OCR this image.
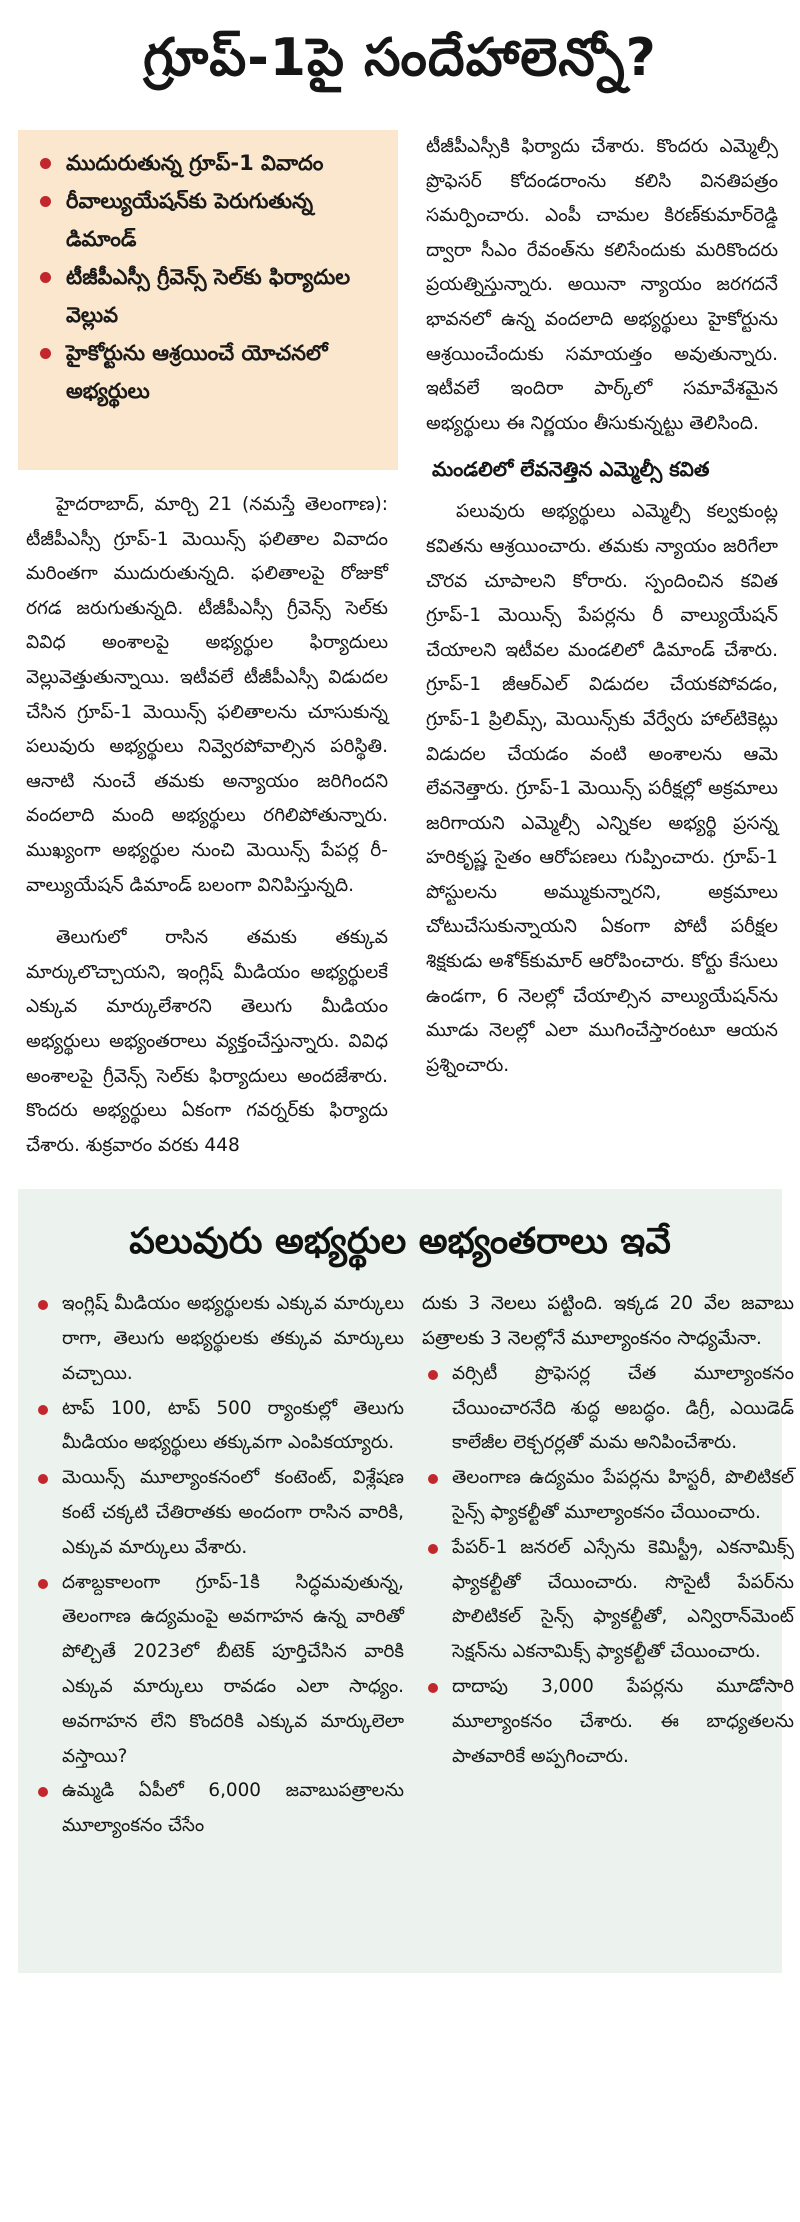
గ్రూప్-1పై సందేహాలెన్నో?
ముదురుతున్న గ్రూప్-1 వివాదం
రీవాల్యుయేషన్‌కు పెరుగుతున్న డిమాండ్
టీజీపీఎస్సీ గ్రీవెన్స్ సెల్‌కు ఫిర్యాదుల వెల్లువ
హైకోర్టును ఆశ్రయించే యోచనలో అభ్యర్థులు

హైదరాబాద్, మార్చి 21 (నమస్తే తెలంగాణ): టీజీపీఎస్సీ గ్రూప్-1 మెయిన్స్ ఫలితాల వివాదం మరింతగా ముదురుతున్నది. ఫలితాలపై రోజుకో రగడ జరుగుతున్నది. టీజీపీఎస్సీ గ్రీవెన్స్ సెల్‌కు వివిధ అంశాలపై అభ్యర్థుల ఫిర్యాదులు వెల్లువెత్తుతున్నాయి. ఇటీవలే టీజీపీఎస్సీ విడుదల చేసిన గ్రూప్-1 మెయిన్స్ ఫలితాలను చూసుకున్న పలువురు అభ్యర్థులు నివ్వెరపోవాల్సిన పరిస్థితి. ఆనాటి నుంచే తమకు అన్యాయం జరిగిందని వందలాది మంది అభ్యర్థులు రగిలిపోతున్నారు. ముఖ్యంగా అభ్యర్థుల నుంచి మెయిన్స్ పేపర్ల రీ-వాల్యుయేషన్ డిమాండ్ బలంగా వినిపిస్తున్నది.

తెలుగులో రాసిన తమకు తక్కువ మార్కులొచ్చాయని, ఇంగ్లిష్ మీడియం అభ్యర్థులకే ఎక్కువ మార్కులేశారని తెలుగు మీడియం అభ్యర్థులు అభ్యంతరాలు వ్యక్తంచేస్తున్నారు. వివిధ అంశాలపై గ్రీవెన్స్ సెల్‌కు ఫిర్యాదులు అందజేశారు. కొందరు అభ్యర్థులు ఏకంగా గవర్నర్‌కు ఫిర్యాదు చేశారు. శుక్రవారం వరకు 448

టీజీపీఎస్సీకి ఫిర్యాదు చేశారు. కొందరు ఎమ్మెల్సీ ప్రొఫెసర్ కోదండరాంను కలిసి వినతిపత్రం సమర్పించారు. ఎంపీ చామల కిరణ్‌కుమార్‌రెడ్డి ద్వారా సీఎం రేవంత్‌ను కలిసేందుకు మరికొందరు ప్రయత్నిస్తున్నారు. అయినా న్యాయం జరగదనే భావనలో ఉన్న వందలాది అభ్యర్థులు హైకోర్టును ఆశ్రయించేందుకు సమాయత్తం అవుతున్నారు. ఇటీవలే ఇందిరా పార్క్‌లో సమావేశమైన అభ్యర్థులు ఈ నిర్ణయం తీసుకున్నట్టు తెలిసింది.

మండలిలో లేవనెత్తిన ఎమ్మెల్సీ కవిత

పలువురు అభ్యర్థులు ఎమ్మెల్సీ కల్వకుంట్ల కవితను ఆశ్రయించారు. తమకు న్యాయం జరిగేలా చొరవ చూపాలని కోరారు. స్పందించిన కవిత గ్రూప్-1 మెయిన్స్ పేపర్లను రీ వాల్యుయేషన్ చేయాలని ఇటీవల మండలిలో డిమాండ్ చేశారు. గ్రూప్-1 జీఆర్‌ఎల్ విడుదల చేయకపోవడం, గ్రూప్-1 ప్రిలిమ్స్, మెయిన్స్‌కు వేర్వేరు హాల్‌టికెట్లు విడుదల చేయడం వంటి అంశాలను ఆమె లేవనెత్తారు. గ్రూప్-1 మెయిన్స్ పరీక్షల్లో అక్రమాలు జరిగాయని ఎమ్మెల్సీ ఎన్నికల అభ్యర్థి ప్రసన్న హరికృష్ణ సైతం ఆరోపణలు గుప్పించారు. గ్రూప్-1 పోస్టులను అమ్ముకున్నారని, అక్రమాలు చోటుచేసుకున్నాయని ఏకంగా పోటీ పరీక్షల శిక్షకుడు అశోక్‌కుమార్ ఆరోపించారు. కోర్టు కేసులు ఉండగా, 6 నెలల్లో చేయాల్సిన వాల్యుయేషన్‌ను మూడు నెలల్లో ఎలా ముగించేస్తారంటూ ఆయన ప్రశ్నించారు.

పలువురు అభ్యర్థుల అభ్యంతరాలు ఇవే
ఇంగ్లిష్ మీడియం అభ్యర్థులకు ఎక్కువ మార్కులు రాగా, తెలుగు అభ్యర్థులకు తక్కువ మార్కులు వచ్చాయి.
టాప్ 100, టాప్ 500 ర్యాంకుల్లో తెలుగు మీడియం అభ్యర్థులు తక్కువగా ఎంపికయ్యారు.
మెయిన్స్ మూల్యాంకనంలో కంటెంట్, విశ్లేషణ కంటే చక్కటి చేతిరాతకు అందంగా రాసిన వారికి, ఎక్కువ మార్కులు వేశారు.
దశాబ్దకాలంగా గ్రూప్-1కి సిద్ధమవుతున్న, తెలంగాణ ఉద్యమంపై అవగాహన ఉన్న వారితో పోల్చితే 2023లో బీటెక్ పూర్తిచేసిన వారికి ఎక్కువ మార్కులు రావడం ఎలా సాధ్యం. అవగాహన లేని కొందరికి ఎక్కువ మార్కులెలా వస్తాయి?
ఉమ్మడి ఏపీలో 6,000 జవాబుపత్రాలను మూల్యాంకనం చేసేం

దుకు 3 నెలలు పట్టింది. ఇక్కడ 20 వేల జవాబు పత్రాలకు 3 నెలల్లోనే మూల్యాంకనం సాధ్యమేనా.

వర్సిటీ ప్రొఫెసర్ల చేత మూల్యాంకనం చేయించారనేది శుద్ధ అబద్ధం. డిగ్రీ, ఎయిడెడ్ కాలేజీల లెక్చరర్లతో మమ అనిపించేశారు.
తెలంగాణ ఉద్యమం పేపర్లను హిస్టరీ, పొలిటికల్ సైన్స్ ఫ్యాకల్టీతో మూల్యాంకనం చేయించారు.
పేపర్-1 జనరల్ ఎస్సేను కెమిస్ట్రీ, ఎకనామిక్స్ ఫ్యాకల్టీతో చేయించారు. సొసైటీ పేపర్‌ను పొలిటికల్ సైన్స్ ఫ్యాకల్టీతో, ఎన్విరాన్‌మెంట్ సెక్షన్‌ను ఎకనామిక్స్ ఫ్యాకల్టీతో చేయించారు.
దాదాపు 3,000 పేపర్లను మూడోసారి మూల్యాంకనం చేశారు. ఈ బాధ్యతలను పాతవారికే అప్పగించారు.
